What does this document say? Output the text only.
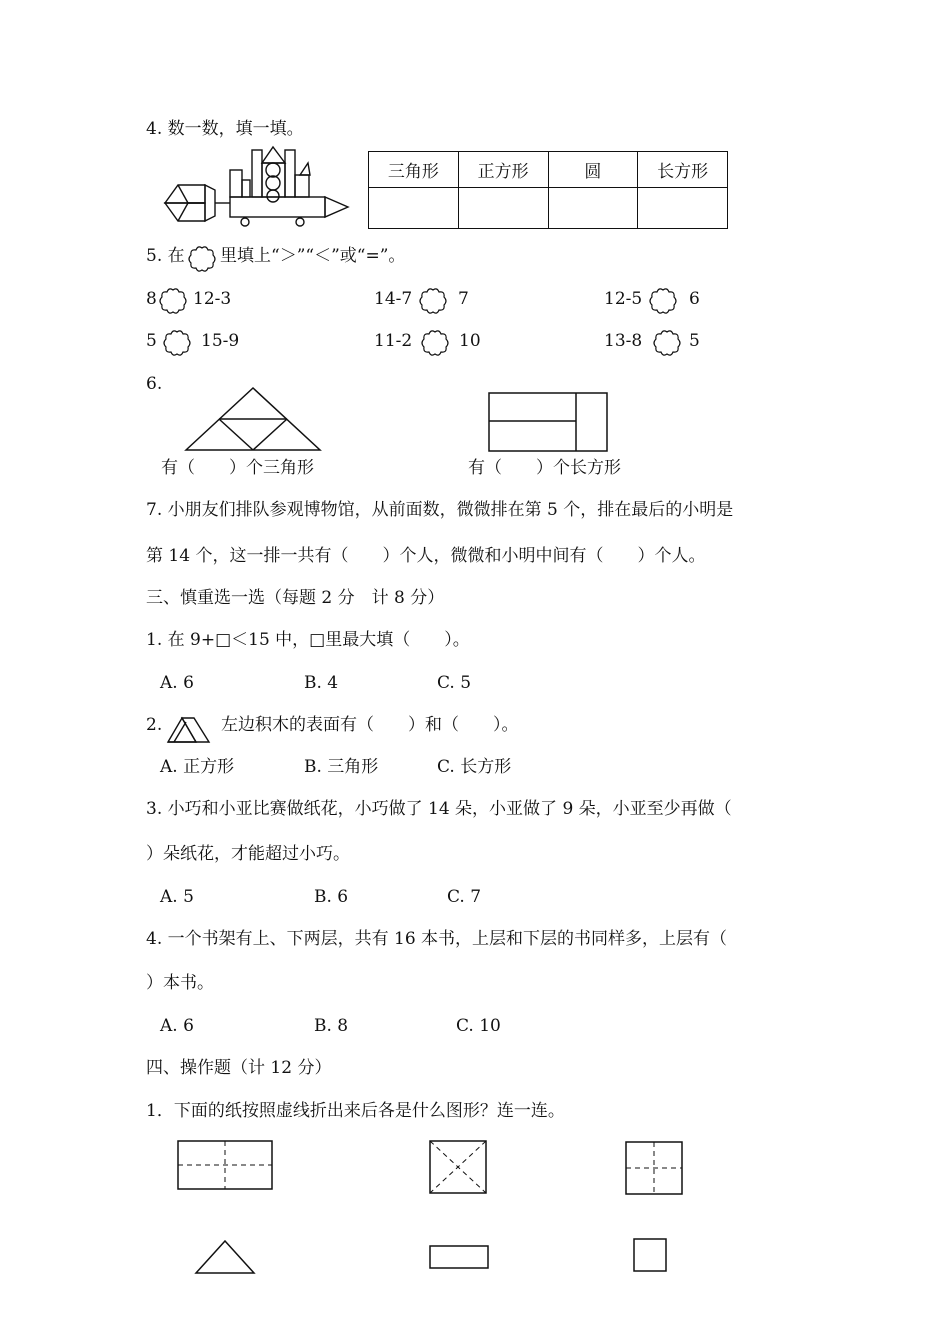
4. 数一数，填一填。
三角形	正方形	圆	长方形

5. 在 里填上“＞”“＜”或“=”。
8 12-3	14-7	7	12-5	6
5	15-9	11-2	10	13-8	5
6.
有（　　）个三角形	有（　　）个长方形
7. 小朋友们排队参观博物馆，从前面数，微微排在第 5 个，排在最后的小明是
第 14 个，这一排一共有（　　）个人，微微和小明中间有（　　）个人。
三、慎重选一选（每题 2 分　计 8 分）
1. 在 9+□＜15 中，□里最大填（　　）。
A. 6	B. 4	C. 5
2.	左边积木的表面有（　　）和（　　）。
A. 正方形	B. 三角形	C. 长方形
3. 小巧和小亚比赛做纸花，小巧做了 14 朵，小亚做了 9 朵，小亚至少再做（
）朵纸花，才能超过小巧。
A. 5	B. 6	C. 7
4. 一个书架有上、下两层，共有 16 本书，上层和下层的书同样多，上层有（
）本书。
A. 6	B. 8	C. 10
四、操作题（计 12 分）
1．下面的纸按照虚线折出来后各是什么图形？连一连。
